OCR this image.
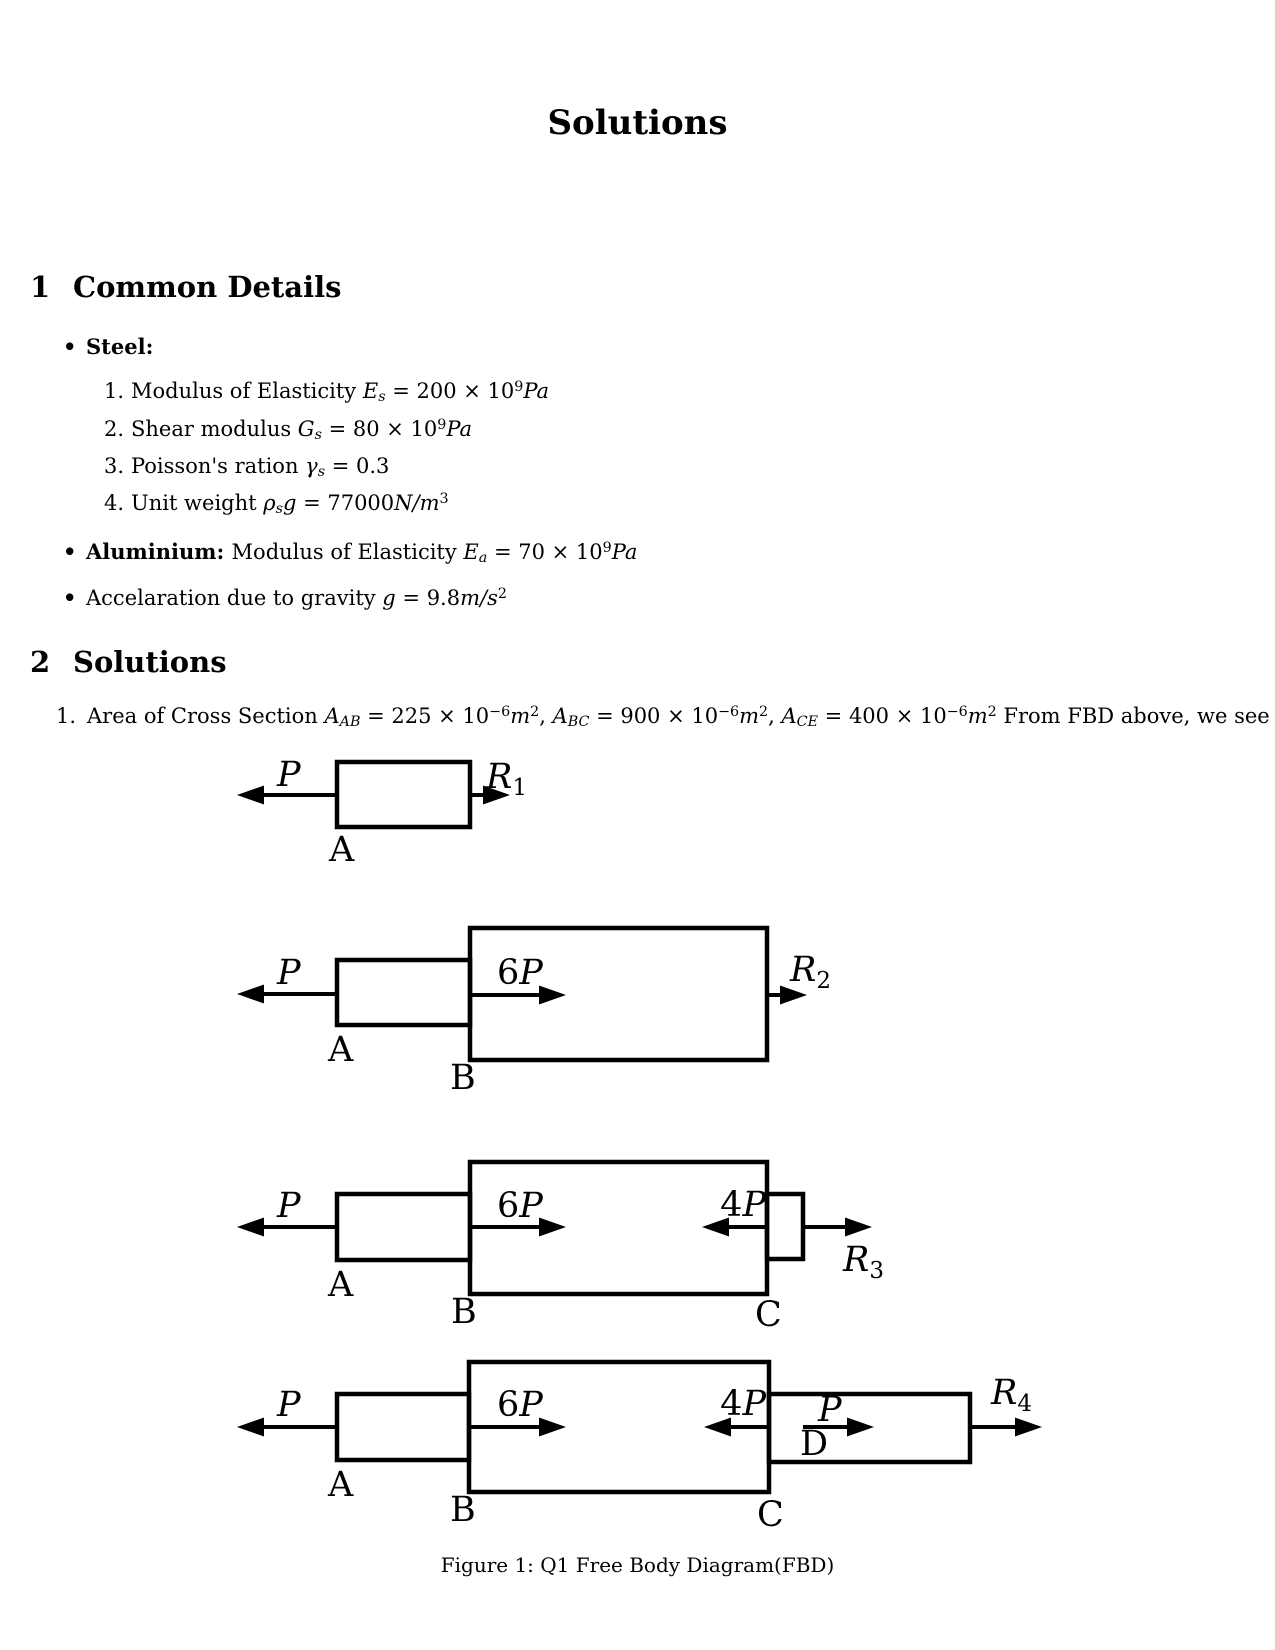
Solutions
1 Common Details
• Steel:
1. Modulus of Elasticity $Es = 200 \times 10^9Pa$
2. Shear modulus $Gs = 80 \times 10^9Pa$
3. Poisson's ration γs = 0.3
4. Unit weight $\rho sg = 77000N/m^3$
• Aluminium: Modulus of Elasticity $Ea = 70 \times 10^9Pa$
• Accelaration due to gravity $g = 9.8m/s^2$
2 Solutions
1. Area of Cross Section AAB = $225 \times 10^{-6}m^2$, ABC = $900 \times 10^{-6}m^2$, ACE = $400 \times 10^{-6}m^2$ From FBD above, we see
P	$R_1$
A
P	6P	$R_2$
A
B
P	6P	4P
$R_3$
A
B	C
P	6P	4P P
D
$R_4$
A
B	C
Figure 1: Q1 Free Body Diagram(FBD)
